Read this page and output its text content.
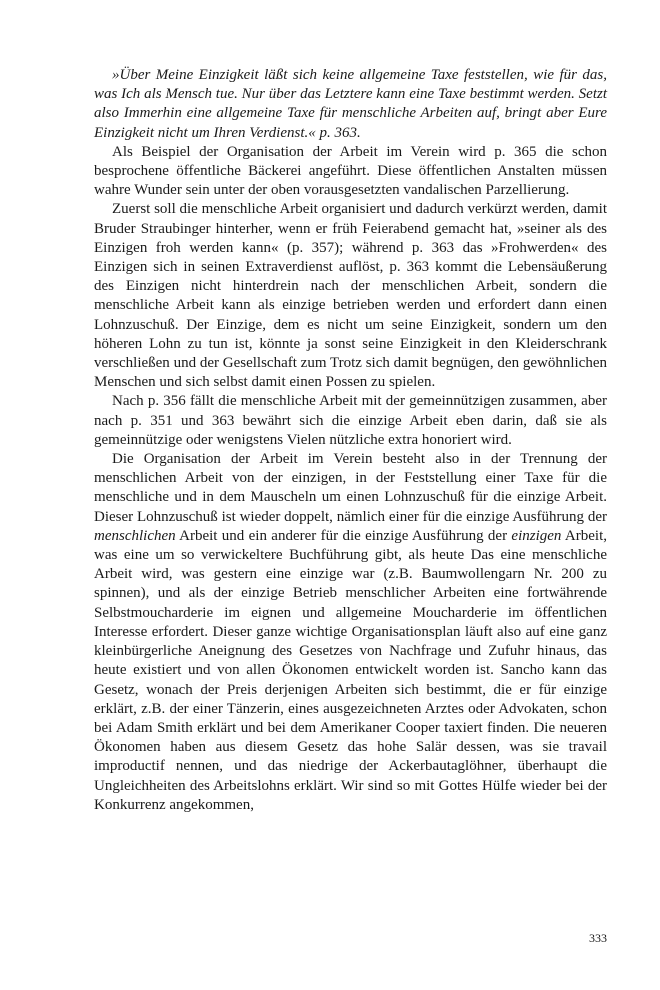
»Über Meine Einzigkeit läßt sich keine allgemeine Taxe feststellen, wie für das, was Ich als Mensch tue. Nur über das Letztere kann eine Taxe bestimmt werden. Setzt also Immerhin eine allgemeine Taxe für menschliche Arbeiten auf, bringt aber Eure Einzigkeit nicht um Ihren Verdienst.« p. 363.

Als Beispiel der Organisation der Arbeit im Verein wird p. 365 die schon besprochene öffentliche Bäckerei angeführt. Diese öffentlichen Anstalten müssen wahre Wunder sein unter der oben vorausgesetzten vandalischen Parzellierung.

Zuerst soll die menschliche Arbeit organisiert und dadurch verkürzt werden, damit Bruder Straubinger hinterher, wenn er früh Feierabend gemacht hat, »seiner als des Einzigen froh werden kann« (p. 357); während p. 363 das »Frohwerden« des Einzigen sich in seinen Extraverdienst auflöst, p. 363 kommt die Lebensäußerung des Einzigen nicht hinterdrein nach der menschlichen Arbeit, sondern die menschliche Arbeit kann als einzige betrieben werden und erfordert dann einen Lohnzuschuß. Der Einzige, dem es nicht um seine Einzigkeit, sondern um den höheren Lohn zu tun ist, könnte ja sonst seine Einzigkeit in den Kleiderschrank verschließen und der Gesellschaft zum Trotz sich damit begnügen, den gewöhnlichen Menschen und sich selbst damit einen Possen zu spielen.

Nach p. 356 fällt die menschliche Arbeit mit der gemeinnützigen zusammen, aber nach p. 351 und 363 bewährt sich die einzige Arbeit eben darin, daß sie als gemeinnützige oder wenigstens Vielen nützliche extra honoriert wird.

Die Organisation der Arbeit im Verein besteht also in der Trennung der menschlichen Arbeit von der einzigen, in der Feststellung einer Taxe für die menschliche und in dem Mauscheln um einen Lohnzuschuß für die einzige Arbeit. Dieser Lohnzuschuß ist wieder doppelt, nämlich einer für die einzige Ausführung der menschlichen Arbeit und ein anderer für die einzige Ausführung der einzigen Arbeit, was eine um so verwickeltere Buchführung gibt, als heute Das eine menschliche Arbeit wird, was gestern eine einzige war (z.B. Baumwollengarn Nr. 200 zu spinnen), und als der einzige Betrieb menschlicher Arbeiten eine fortwährende Selbstmoucharderie im eignen und allgemeine Moucharderie im öffentlichen Interesse erfordert. Dieser ganze wichtige Organisationsplan läuft also auf eine ganz kleinbürgerliche Aneignung des Gesetzes von Nachfrage und Zufuhr hinaus, das heute existiert und von allen Ökonomen entwickelt worden ist. Sancho kann das Gesetz, wonach der Preis derjenigen Arbeiten sich bestimmt, die er für einzige erklärt, z.B. der einer Tänzerin, eines ausgezeichneten Arztes oder Advokaten, schon bei Adam Smith erklärt und bei dem Amerikaner Cooper taxiert finden. Die neueren Ökonomen haben aus diesem Gesetz das hohe Salär dessen, was sie travail improductif nennen, und das niedrige der Ackerbautaglöhner, überhaupt die Ungleichheiten des Arbeitslohns erklärt. Wir sind so mit Gottes Hülfe wieder bei der Konkurrenz angekommen,

333
